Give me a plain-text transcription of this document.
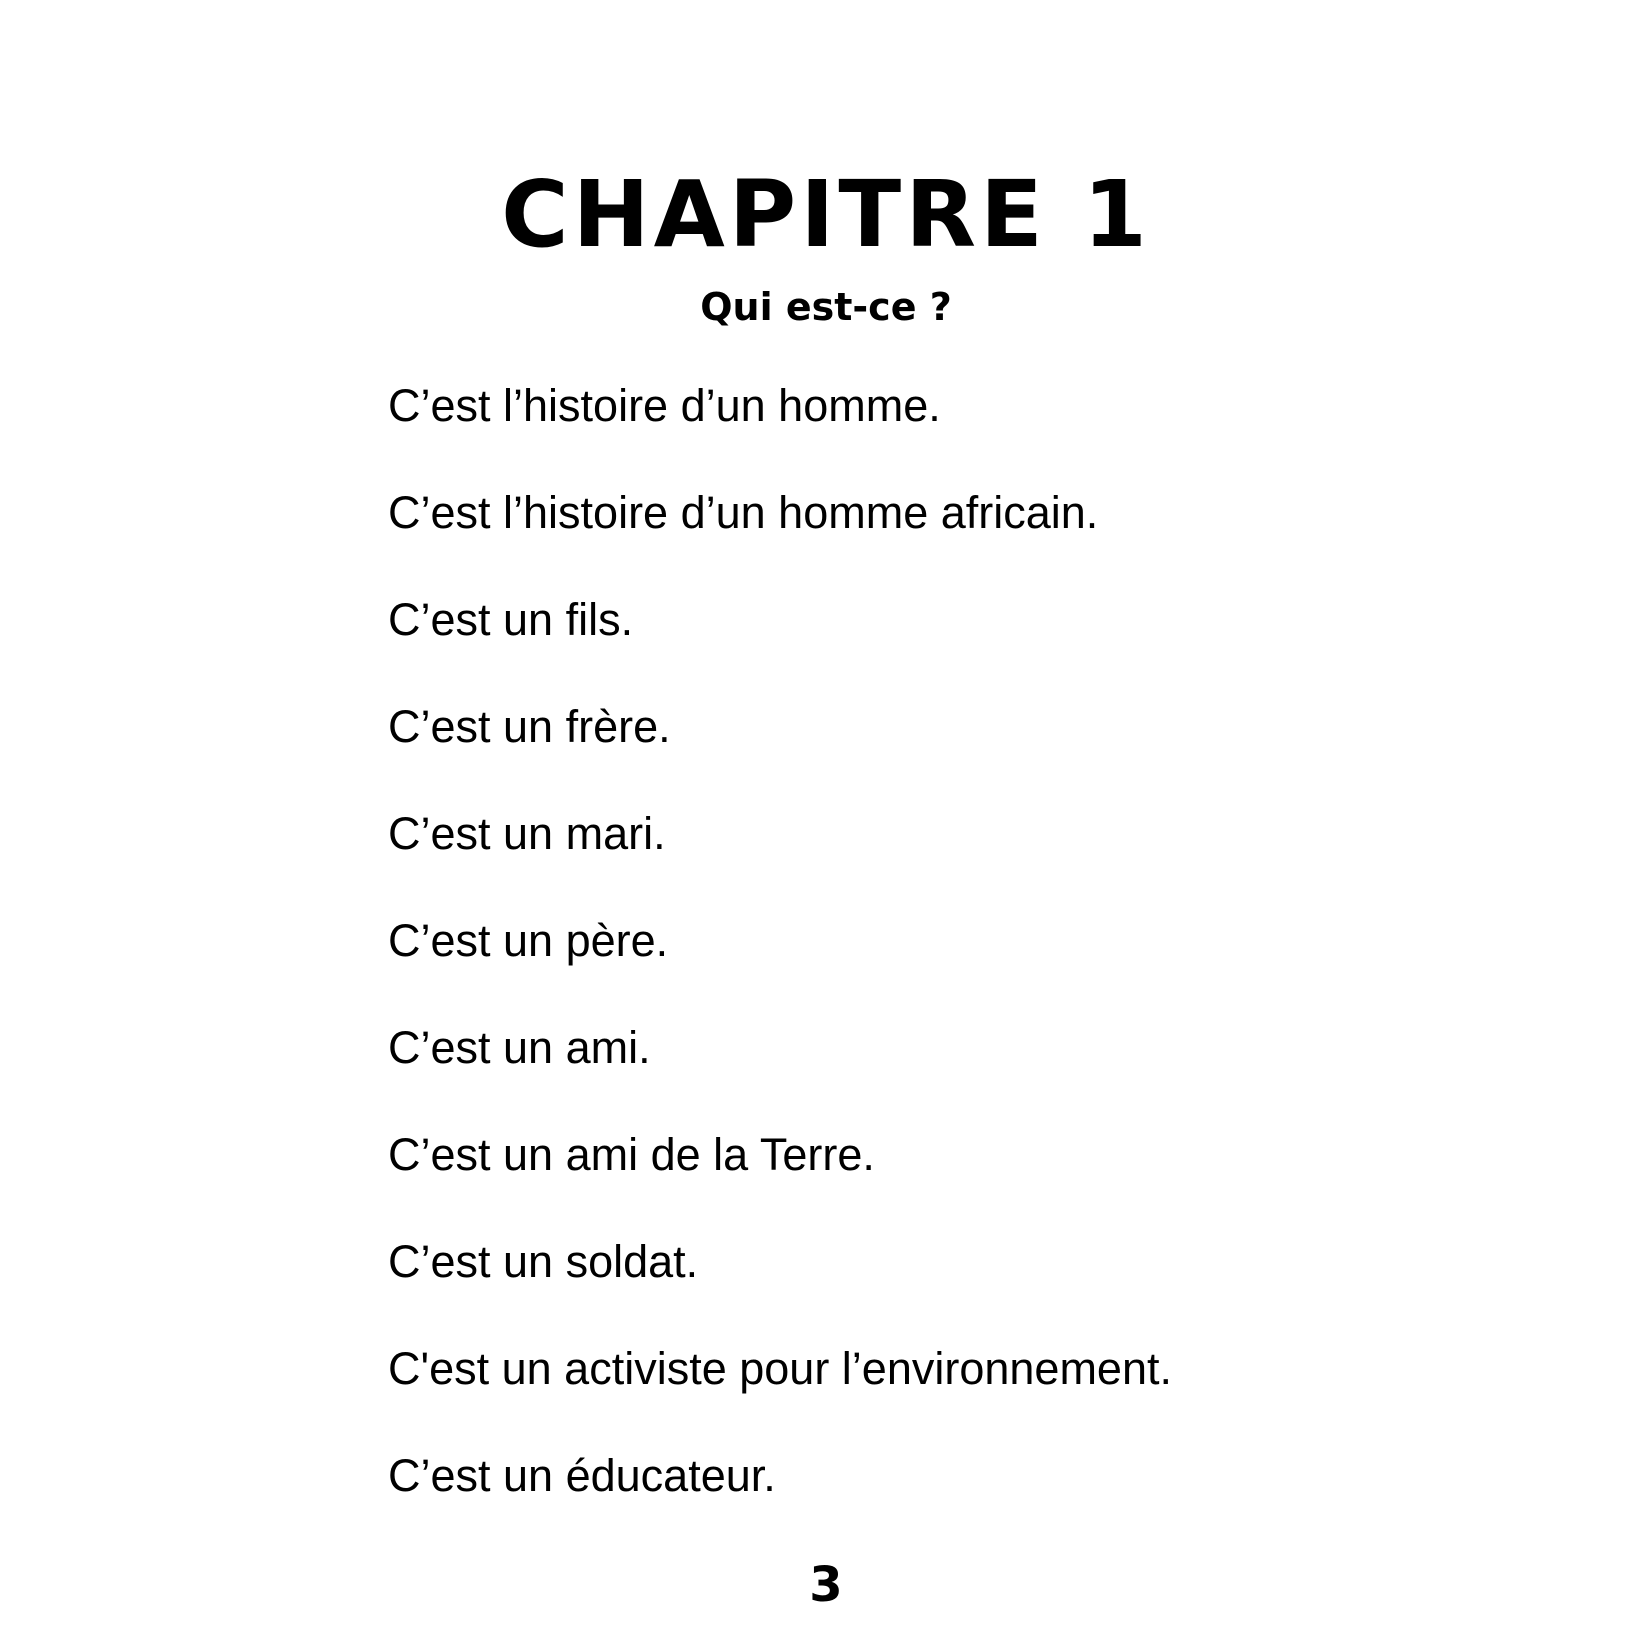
CHAPITRE 1
Qui est-ce ?
C’est l’histoire d’un homme.
C’est l’histoire d’un homme africain.
C’est un fils.
C’est un frère.
C’est un mari.
C’est un père.
C’est un ami.
C’est un ami de la Terre.
C’est un soldat.
C'est un activiste pour l’environnement.
C’est un éducateur.
3
